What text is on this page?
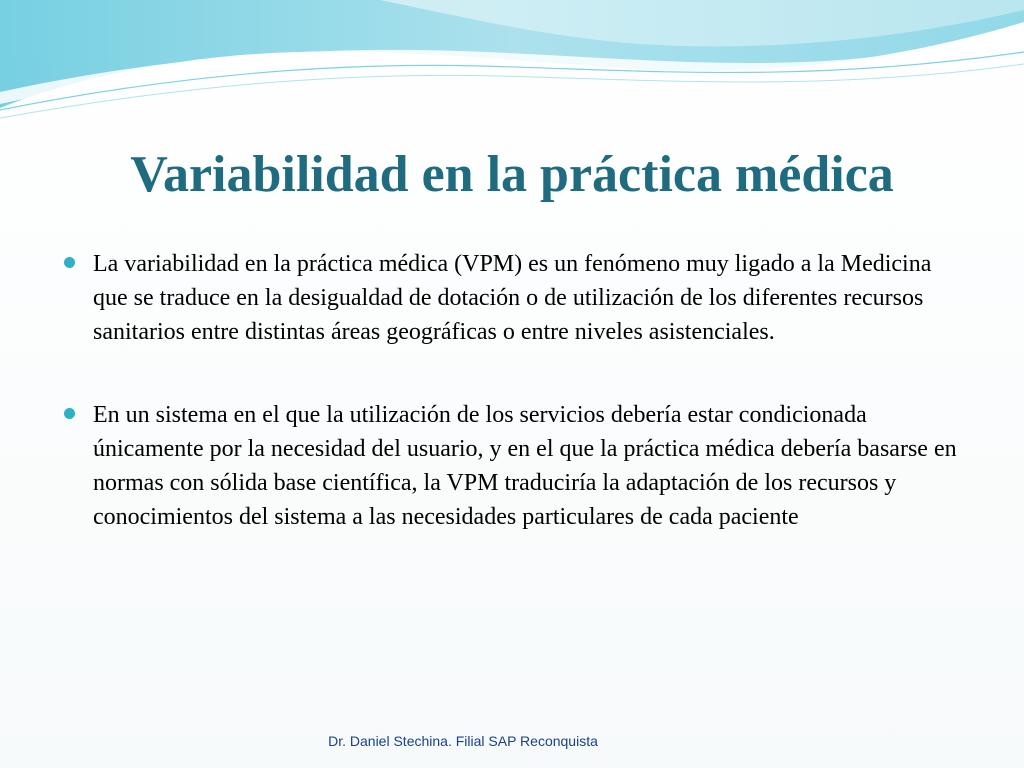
Variabilidad en la práctica médica
La variabilidad en la práctica médica (VPM) es un fenómeno muy ligado a la Medicina que se traduce en la desigualdad de dotación o de utilización de los diferentes recursos sanitarios entre distintas áreas geográficas o entre niveles asistenciales.
En un sistema en el que la utilización de los servicios debería estar condicionada únicamente por la necesidad del usuario, y en el que la práctica médica debería basarse en normas con sólida base científica, la VPM traduciría la adaptación de los recursos y conocimientos del sistema a las necesidades particulares de cada paciente
Dr. Daniel Stechina. Filial SAP Reconquista
